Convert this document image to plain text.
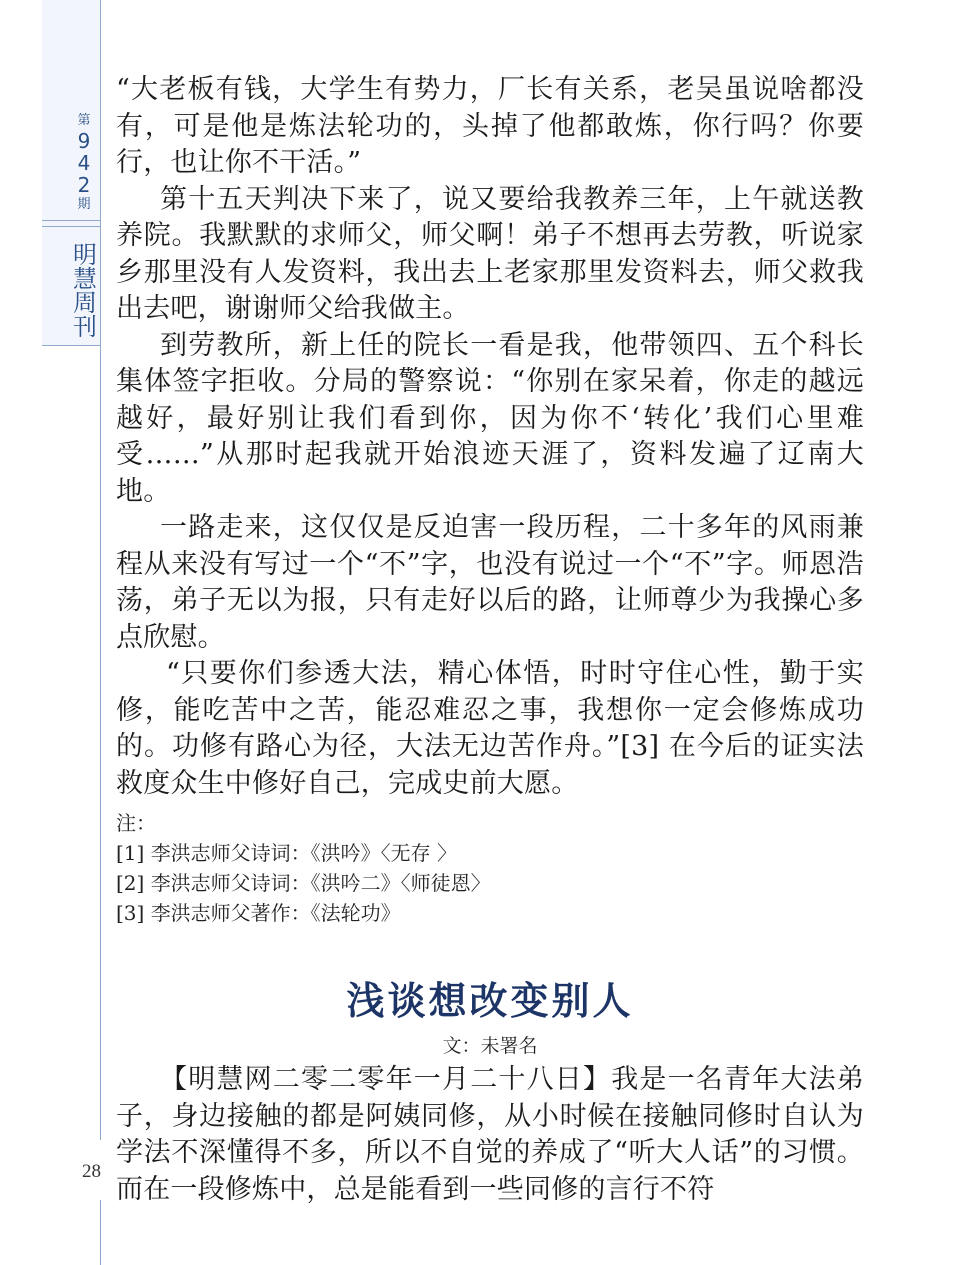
第
9
4
2
期
明
慧
周
刊
28

“大老板有钱，大学生有势力，厂长有关系，老吴虽说啥都没有，可是他是炼法轮功的，头掉了他都敢炼，你行吗？你要行，也让你不干活。”

第十五天判决下来了，说又要给我教养三年，上午就送教养院。我默默的求师父，师父啊！弟子不想再去劳教，听说家乡那里没有人发资料，我出去上老家那里发资料去，师父救我出去吧，谢谢师父给我做主。

到劳教所，新上任的院长一看是我，他带领四、五个科长集体签字拒收。分局的警察说：“你别在家呆着，你走的越远越好，最好别让我们看到你，因为你不‘转化’我们心里难受……”从那时起我就开始浪迹天涯了，资料发遍了辽南大地。

一路走来，这仅仅是反迫害一段历程，二十多年的风雨兼程从来没有写过一个“不”字，也没有说过一个“不”字。师恩浩荡，弟子无以为报，只有走好以后的路，让师尊少为我操心多点欣慰。

“只要你们参透大法，精心体悟，时时守住心性，勤于实修，能吃苦中之苦，能忍难忍之事，我想你一定会修炼成功的。功修有路心为径，大法无边苦作舟。”[3] 在今后的证实法救度众生中修好自己，完成史前大愿。

注：
[1] 李洪志师父诗词：《洪吟》〈无存 〉
[2] 李洪志师父诗词：《洪吟二》〈师徒恩〉
[3] 李洪志师父著作：《法轮功》
浅谈想改变别人
文：未署名

【明慧网二零二零年一月二十八日】我是一名青年大法弟子，身边接触的都是阿姨同修，从小时候在接触同修时自认为学法不深懂得不多，所以不自觉的养成了“听大人话”的习惯。而在一段修炼中，总是能看到一些同修的言行不符
